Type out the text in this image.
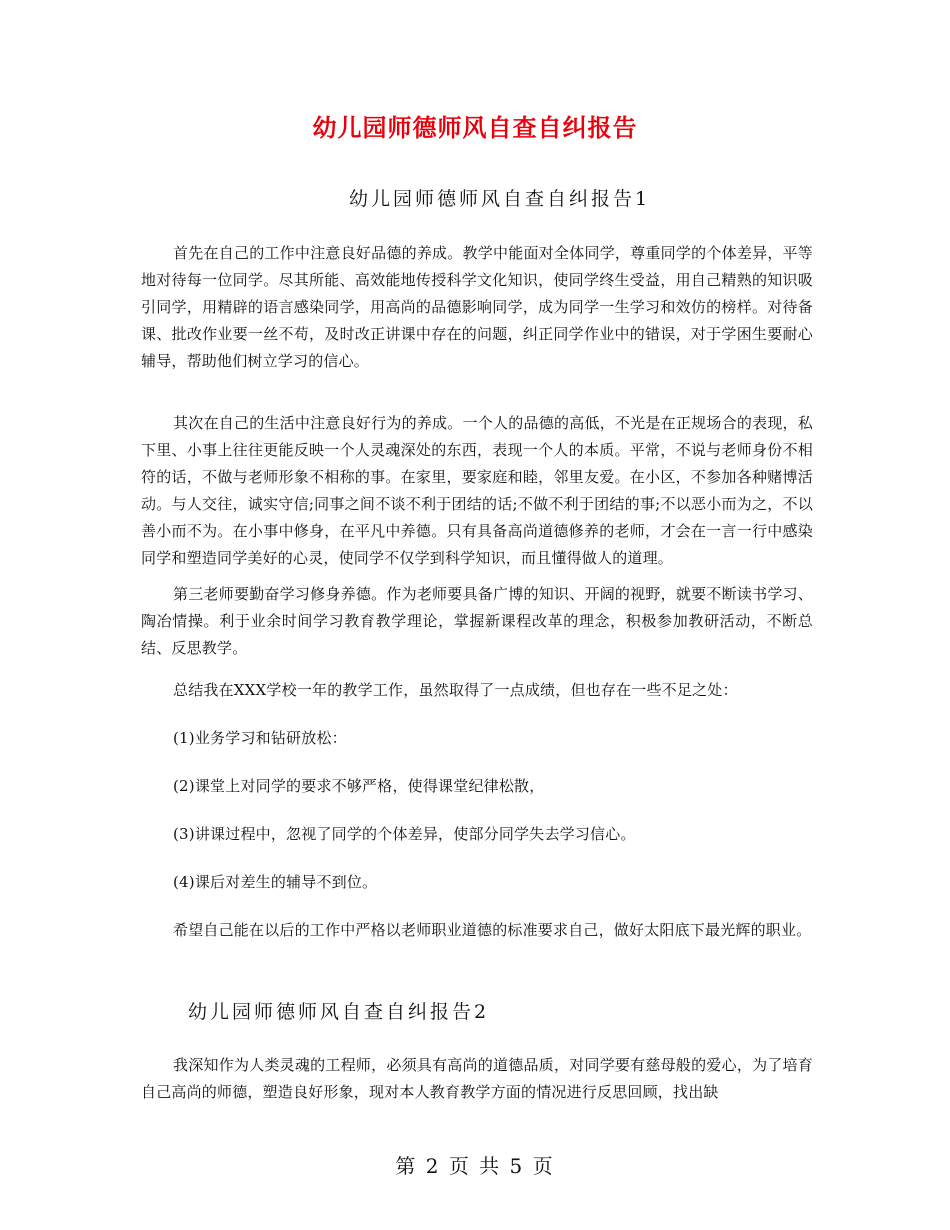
幼儿园师德师风自查自纠报告
幼儿园师德师风自查自纠报告1
首先在自己的工作中注意良好品德的养成。教学中能面对全体同学，尊重同学的个体差异，平等地对待每一位同学。尽其所能、高效能地传授科学文化知识，使同学终生受益，用自己精熟的知识吸引同学，用精辟的语言感染同学，用高尚的品德影响同学，成为同学一生学习和效仿的榜样。对待备课、批改作业要一丝不苟，及时改正讲课中存在的问题，纠正同学作业中的错误，对于学困生要耐心辅导，帮助他们树立学习的信心。
其次在自己的生活中注意良好行为的养成。一个人的品德的高低，不光是在正规场合的表现，私下里、小事上往往更能反映一个人灵魂深处的东西，表现一个人的本质。平常，不说与老师身份不相符的话，不做与老师形象不相称的事。在家里，要家庭和睦，邻里友爱。在小区，不参加各种赌博活动。与人交往，诚实守信;同事之间不谈不利于团结的话;不做不利于团结的事;不以恶小而为之，不以善小而不为。在小事中修身，在平凡中养德。只有具备高尚道德修养的老师，才会在一言一行中感染同学和塑造同学美好的心灵，使同学不仅学到科学知识，而且懂得做人的道理。
第三老师要勤奋学习修身养德。作为老师要具备广博的知识、开阔的视野，就要不断读书学习、陶冶情操。利于业余时间学习教育教学理论，掌握新课程改革的理念，积极参加教研活动，不断总结、反思教学。
总结我在XXX学校一年的教学工作，虽然取得了一点成绩，但也存在一些不足之处：
(1)业务学习和钻研放松：
(2)课堂上对同学的要求不够严格，使得课堂纪律松散，
(3)讲课过程中，忽视了同学的个体差异，使部分同学失去学习信心。
(4)课后对差生的辅导不到位。
希望自己能在以后的工作中严格以老师职业道德的标准要求自己，做好太阳底下最光辉的职业。
幼儿园师德师风自查自纠报告2
我深知作为人类灵魂的工程师，必须具有高尚的道德品质，对同学要有慈母般的爱心，为了培育自己高尚的师德，塑造良好形象，现对本人教育教学方面的情况进行反思回顾，找出缺
第 2 页 共 5 页
